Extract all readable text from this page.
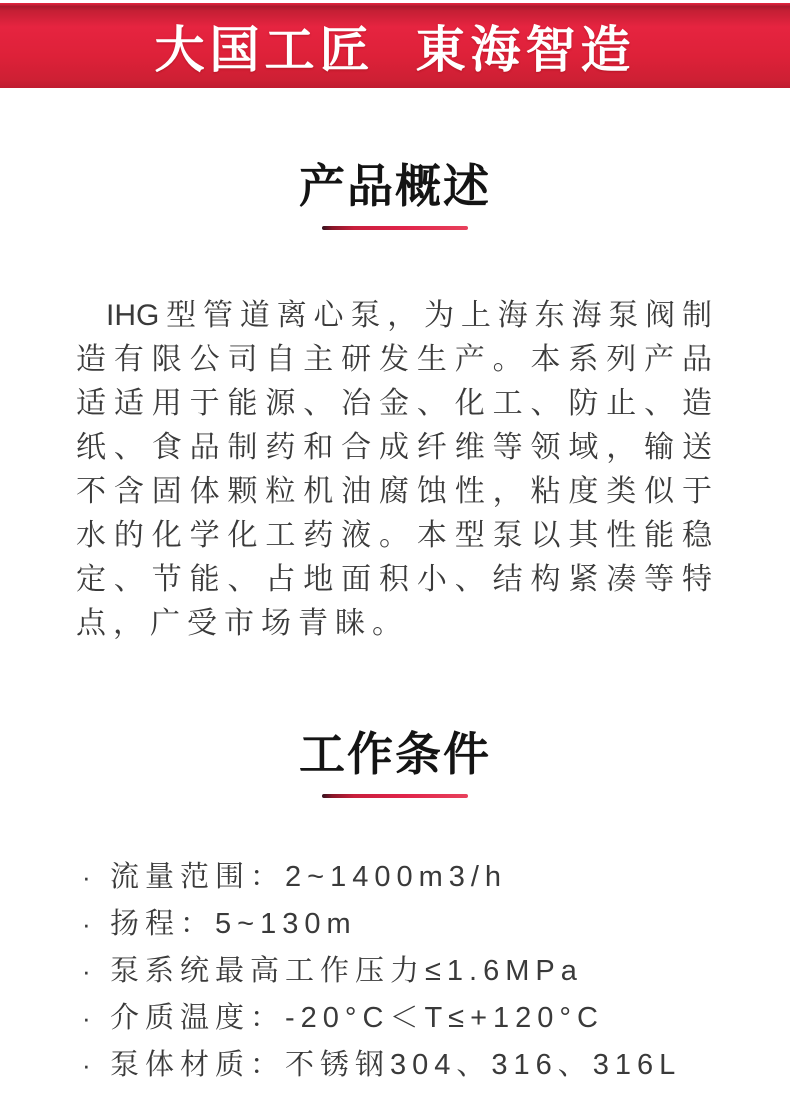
大国工匠 東海智造
产品概述
IHG型管道离心泵，为上海东海泵阀制
造有限公司自主研发生产。本系列产品
适适用于能源、冶金、化工、防止、造
纸、食品制药和合成纤维等领域，输送
不含固体颗粒机油腐蚀性，粘度类似于
水的化学化工药液。本型泵以其性能稳
定、节能、占地面积小、结构紧凑等特
点，广受市场青睐。
工作条件
· 流量范围：2~1400m3/h
· 扬程：5~130m
· 泵系统最高工作压力≤1.6MPa
· 介质温度：-20°C＜T≤+120°C
· 泵体材质：不锈钢304、316、316L
